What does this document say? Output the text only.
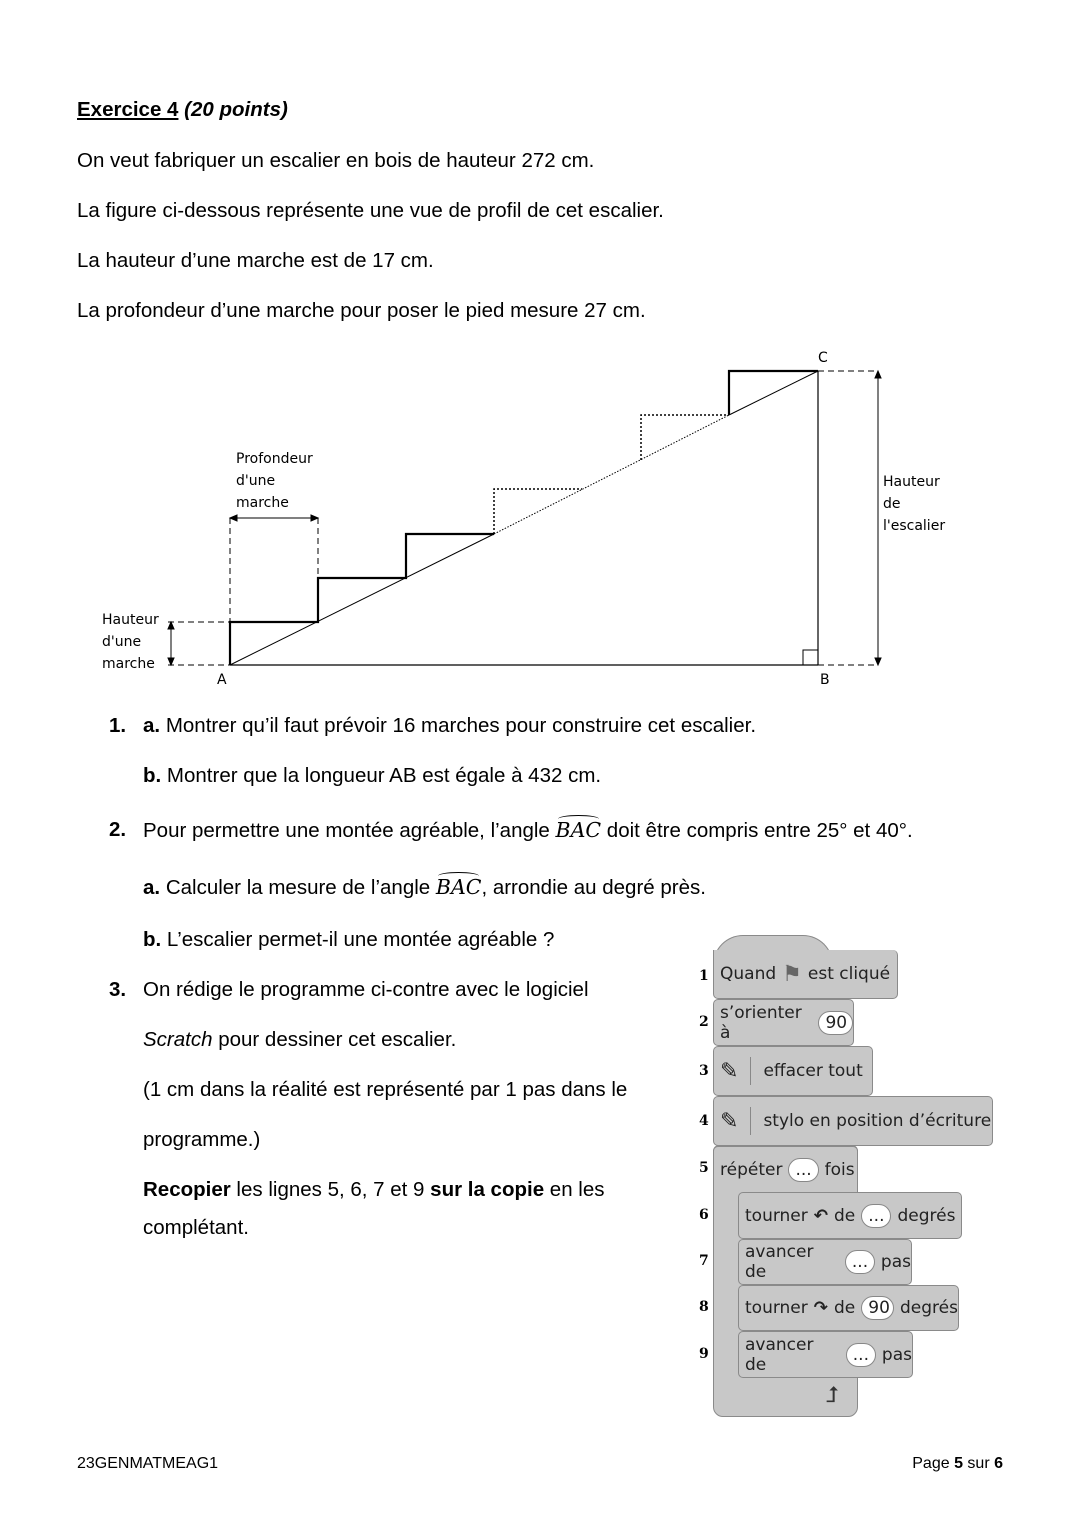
Exercice 4 (20 points)
On veut fabriquer un escalier en bois de hauteur 272 cm.
La figure ci-dessous représente une vue de profil de cet escalier.
La hauteur d’une marche est de 17 cm.
La profondeur d’une marche pour poser le pied mesure 27 cm.
A	B
C
Profondeur
d'une
marche
Hauteur
d'une
marche
Hauteur
de
l'escalier
1. a. Montrer qu’il faut prévoir 16 marches pour construire cet escalier.
b. Montrer que la longueur AB est égale à 432 cm.
2. Pour permettre une montée agréable, l’angle BAC doit être compris entre 25° et 40°.
a. Calculer la mesure de l’angle BAC, arrondie au degré près.
b. L’escalier permet-il une montée agréable ?
3. On rédige le programme ci-contre avec le logiciel
Scratch pour dessiner cet escalier.
(1 cm dans la réalité est représenté par 1 pas dans le
programme.)
Recopier les lignes 5, 6, 7 et 9 sur la copie en les
complétant.
Quand ⚑ est cliqué
s’orienter à	90
✎ effacer tout
✎ stylo en position d’écriture
répéter ... fois
tourner ↶ de ... degrés
avancer de	... pas
tourner ↷ de 90 degrés
avancer de	... pas
⮥
1
2
3
4
5
6
7
8
9
23GENMATMEAG1	Page 5 sur 6
